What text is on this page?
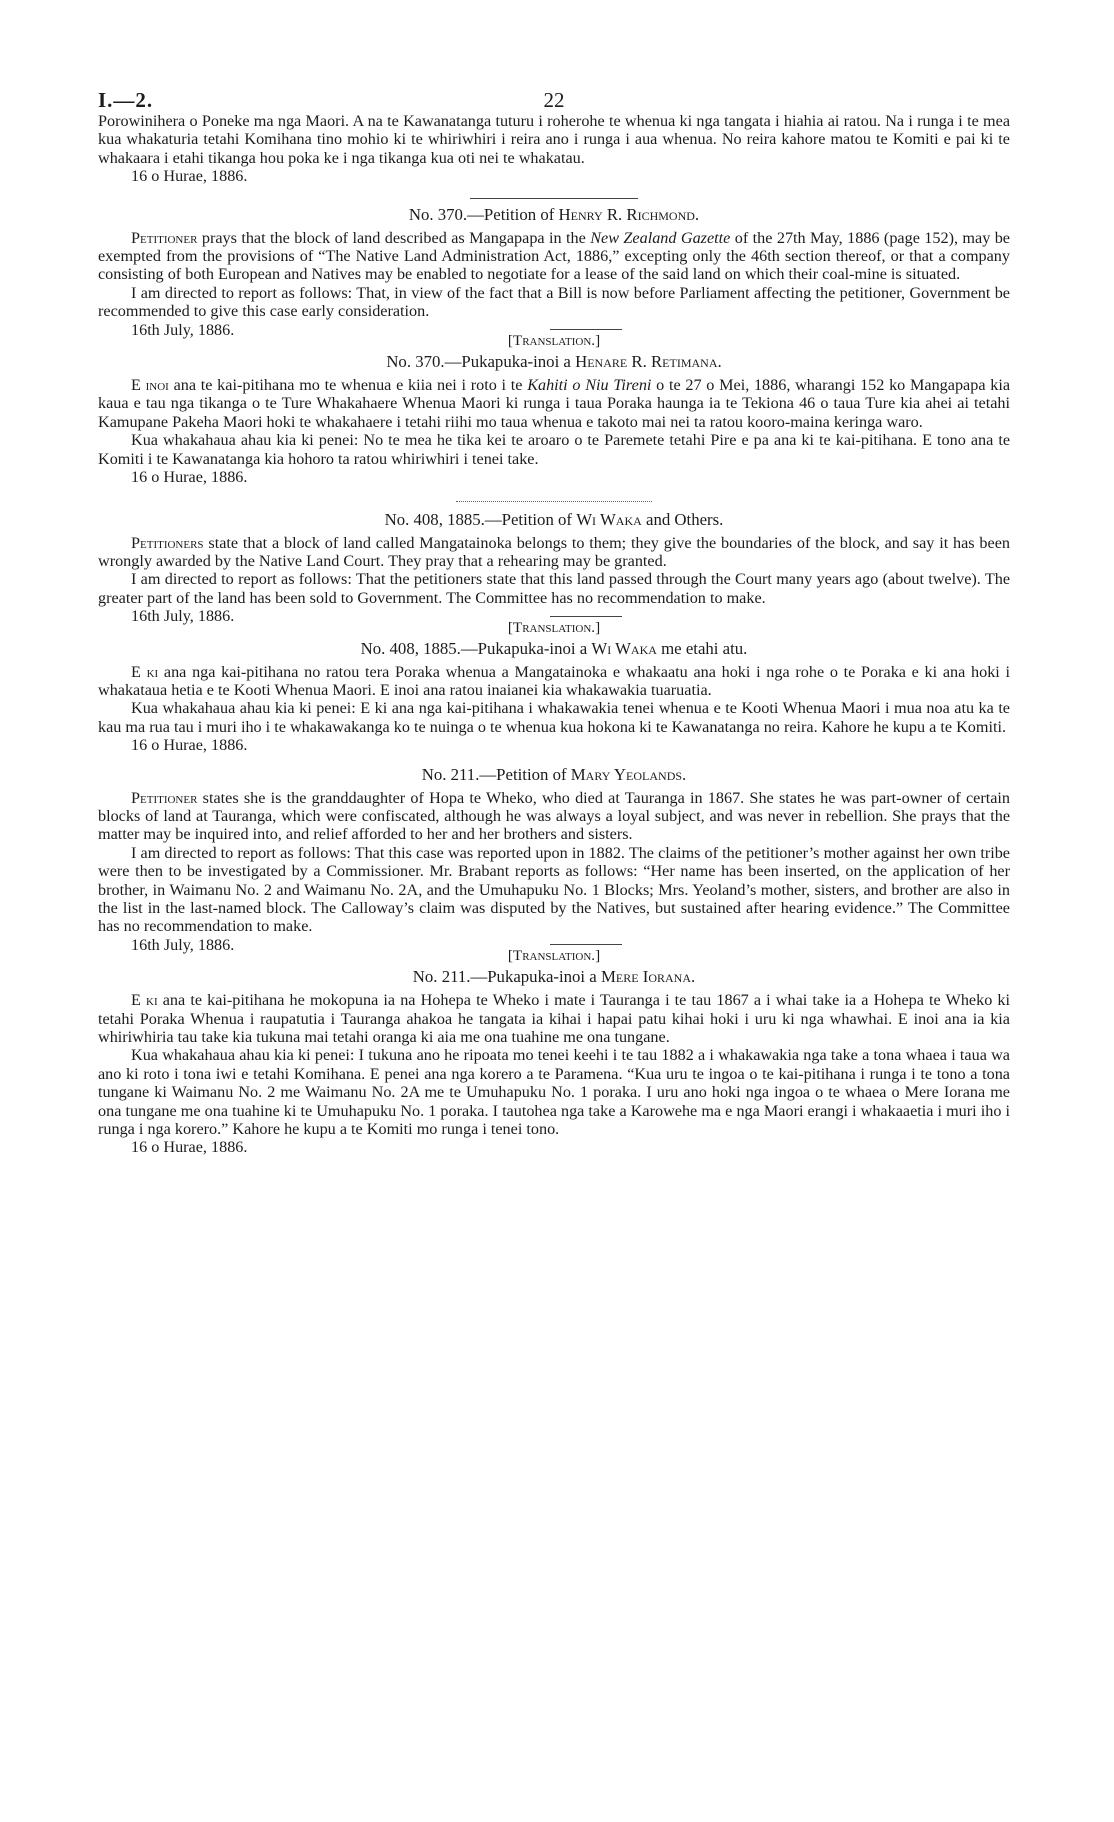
I.—2.	22

Porowinihera o Poneke ma nga Maori. A na te Kawanatanga tuturu i roherohe te whenua ki nga tangata i hiahia ai ratou. Na i runga i te mea kua whakaturia tetahi Komihana tino mohio ki te whiriwhiri i reira ano i runga i aua whenua. No reira kahore matou te Komiti e pai ki te whakaara i etahi tikanga hou poka ke i nga tikanga kua oti nei te whakatau.

16 o Hurae, 1886.

No. 370.—Petition of Henry R. Richmond.

Petitioner prays that the block of land described as Mangapapa in the New Zealand Gazette of the 27th May, 1886 (page 152), may be exempted from the provisions of “The Native Land Administration Act, 1886,” excepting only the 46th section thereof, or that a company consisting of both European and Natives may be enabled to negotiate for a lease of the said land on which their coal-mine is situated.

I am directed to report as follows: That, in view of the fact that a Bill is now before Parliament affecting the petitioner, Government be recommended to give this case early consideration.

16th July, 1886.

[Translation.]
No. 370.—Pukapuka-inoi a Henare R. Retimana.

E inoi ana te kai-pitihana mo te whenua e kiia nei i roto i te Kahiti o Niu Tireni o te 27 o Mei, 1886, wharangi 152 ko Mangapapa kia kaua e tau nga tikanga o te Ture Whakahaere Whenua Maori ki runga i taua Poraka haunga ia te Tekiona 46 o taua Ture kia ahei ai tetahi Kamupane Pakeha Maori hoki te whakahaere i tetahi riihi mo taua whenua e takoto mai nei ta ratou kooro-maina keringa waro.

Kua whakahaua ahau kia ki penei: No te mea he tika kei te aroaro o te Paremete tetahi Pire e pa ana ki te kai-pitihana. E tono ana te Komiti i te Kawanatanga kia hohoro ta ratou whiriwhiri i tenei take.

16 o Hurae, 1886.

No. 408, 1885.—Petition of Wi Waka and Others.

Petitioners state that a block of land called Mangatainoka belongs to them; they give the boundaries of the block, and say it has been wrongly awarded by the Native Land Court. They pray that a rehearing may be granted.

I am directed to report as follows: That the petitioners state that this land passed through the Court many years ago (about twelve). The greater part of the land has been sold to Government. The Committee has no recommendation to make.

16th July, 1886.

[Translation.]
No. 408, 1885.—Pukapuka-inoi a Wi Waka me etahi atu.

E ki ana nga kai-pitihana no ratou tera Poraka whenua a Mangatainoka e whakaatu ana hoki i nga rohe o te Poraka e ki ana hoki i whakataua hetia e te Kooti Whenua Maori. E inoi ana ratou inaianei kia whakawakia tuaruatia.

Kua whakahaua ahau kia ki penei: E ki ana nga kai-pitihana i whakawakia tenei whenua e te Kooti Whenua Maori i mua noa atu ka te kau ma rua tau i muri iho i te whakawakanga ko te nuinga o te whenua kua hokona ki te Kawanatanga no reira. Kahore he kupu a te Komiti.

16 o Hurae, 1886.

No. 211.—Petition of Mary Yeolands.

Petitioner states she is the granddaughter of Hopa te Wheko, who died at Tauranga in 1867. She states he was part-owner of certain blocks of land at Tauranga, which were confiscated, although he was always a loyal subject, and was never in rebellion. She prays that the matter may be inquired into, and relief afforded to her and her brothers and sisters.

I am directed to report as follows: That this case was reported upon in 1882. The claims of the petitioner’s mother against her own tribe were then to be investigated by a Commissioner. Mr. Brabant reports as follows: “Her name has been inserted, on the application of her brother, in Waimanu No. 2 and Waimanu No. 2A, and the Umuhapuku No. 1 Blocks; Mrs. Yeoland’s mother, sisters, and brother are also in the list in the last-named block. The Calloway’s claim was disputed by the Natives, but sustained after hearing evidence.” The Committee has no recommendation to make.

16th July, 1886.

[Translation.]
No. 211.—Pukapuka-inoi a Mere Iorana.

E ki ana te kai-pitihana he mokopuna ia na Hohepa te Wheko i mate i Tauranga i te tau 1867 a i whai take ia a Hohepa te Wheko ki tetahi Poraka Whenua i raupatutia i Tauranga ahakoa he tangata ia kihai i hapai patu kihai hoki i uru ki nga whawhai. E inoi ana ia kia whiriwhiria tau take kia tukuna mai tetahi oranga ki aia me ona tuahine me ona tungane.

Kua whakahaua ahau kia ki penei: I tukuna ano he ripoata mo tenei keehi i te tau 1882 a i whakawakia nga take a tona whaea i taua wa ano ki roto i tona iwi e tetahi Komihana. E penei ana nga korero a te Paramena. “Kua uru te ingoa o te kai-pitihana i runga i te tono a tona tungane ki Waimanu No. 2 me Waimanu No. 2A me te Umuhapuku No. 1 poraka. I uru ano hoki nga ingoa o te whaea o Mere Iorana me ona tungane me ona tuahine ki te Umuhapuku No. 1 poraka. I tautohea nga take a Karowehe ma e nga Maori erangi i whakaaetia i muri iho i runga i nga korero.” Kahore he kupu a te Komiti mo runga i tenei tono.

16 o Hurae, 1886.
